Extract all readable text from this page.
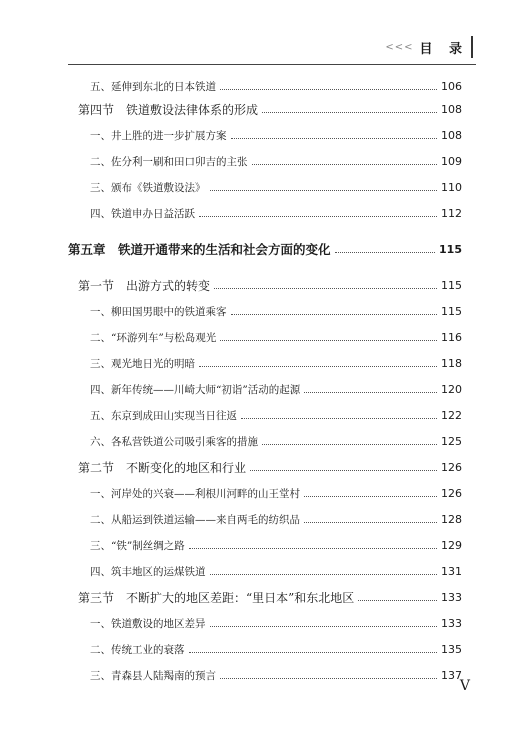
<<< 目 录
五、延伸到东北的日本铁道	106
第四节　铁道敷设法律体系的形成	108
一、井上胜的进一步扩展方案	108
二、佐分利一刷和田口卯吉的主张	109
三、颁布《铁道敷设法》	110
四、铁道申办日益活跃	112
第五章　铁道开通带来的生活和社会方面的变化	115
第一节　出游方式的转变	115
一、柳田国男眼中的铁道乘客	115
二、“环游列车”与松岛观光	116
三、观光地日光的明暗	118
四、新年传统——川崎大师“初诣”活动的起源	120
五、东京到成田山实现当日往返	122
六、各私营铁道公司吸引乘客的措施	125
第二节　不断变化的地区和行业	126
一、河岸处的兴衰——利根川河畔的山王堂村	126
二、从船运到铁道运输——来自两毛的纺织品	128
三、“铁”制丝绸之路	129
四、筑丰地区的运煤铁道	131
第三节　不断扩大的地区差距：“里日本”和东北地区	133
一、铁道敷设的地区差异	133
二、传统工业的衰落	135
三、青森县人陆羯南的预言	137
V
